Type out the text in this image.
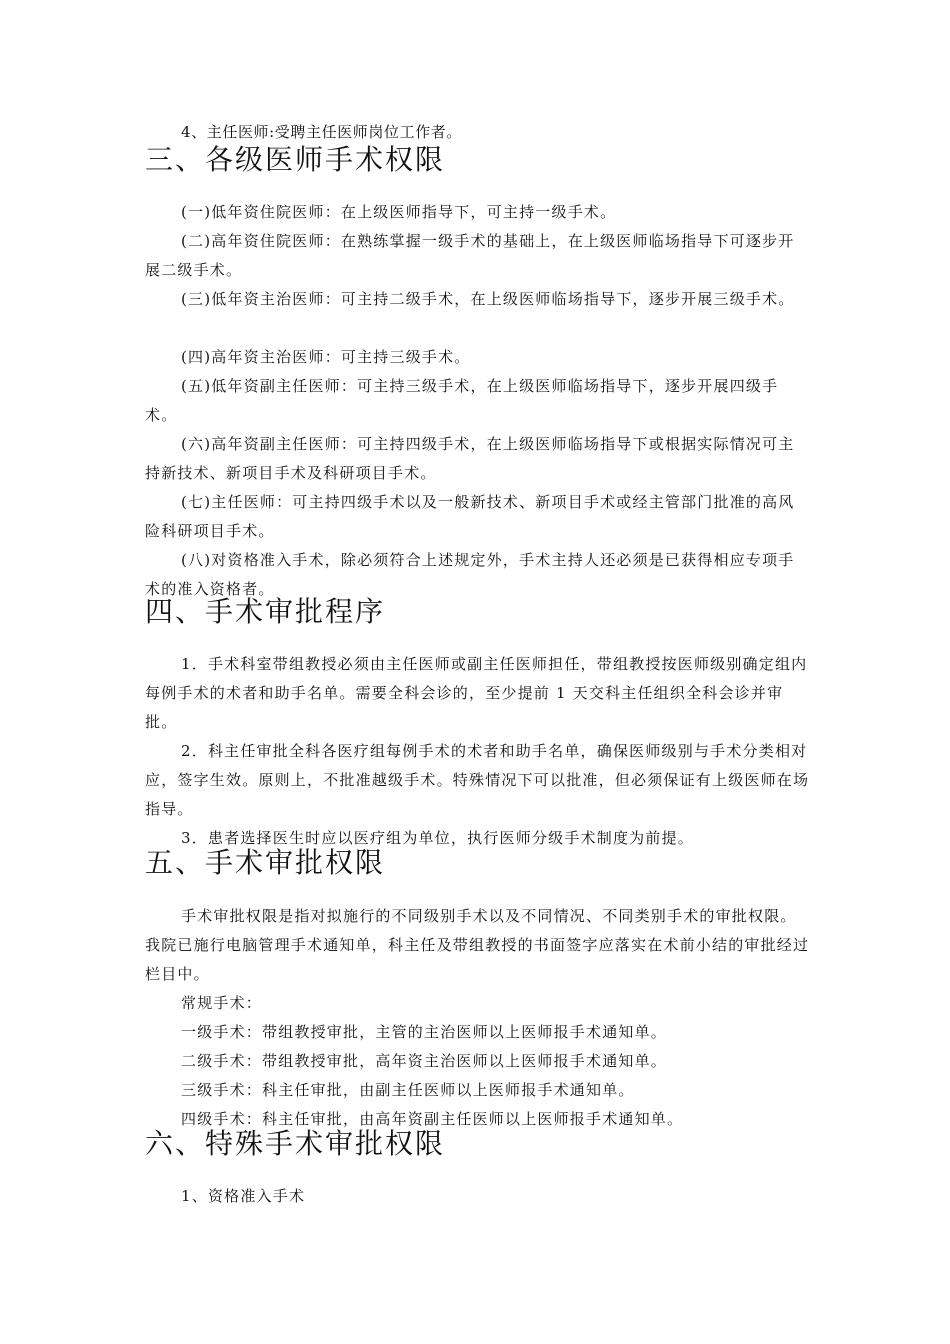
4、主任医师:受聘主任医师岗位工作者。

三、各级医师手术权限

(一)低年资住院医师：在上级医师指导下，可主持一级手术。

(二)高年资住院医师：在熟练掌握一级手术的基础上，在上级医师临场指导下可逐步开展二级手术。

(三)低年资主治医师：可主持二级手术，在上级医师临场指导下，逐步开展三级手术。

(四)高年资主治医师：可主持三级手术。

(五)低年资副主任医师：可主持三级手术，在上级医师临场指导下，逐步开展四级手术。

(六)高年资副主任医师：可主持四级手术，在上级医师临场指导下或根据实际情况可主持新技术、新项目手术及科研项目手术。

(七)主任医师：可主持四级手术以及一般新技术、新项目手术或经主管部门批准的高风险科研项目手术。

(八)对资格准入手术，除必须符合上述规定外，手术主持人还必须是已获得相应专项手术的准入资格者。

四、手术审批程序

1．手术科室带组教授必须由主任医师或副主任医师担任，带组教授按医师级别确定组内每例手术的术者和助手名单。需要全科会诊的，至少提前 1 天交科主任组织全科会诊并审批。

2．科主任审批全科各医疗组每例手术的术者和助手名单，确保医师级别与手术分类相对应，签字生效。原则上，不批准越级手术。特殊情况下可以批准，但必须保证有上级医师在场指导。

3．患者选择医生时应以医疗组为单位，执行医师分级手术制度为前提。

五、手术审批权限

手术审批权限是指对拟施行的不同级别手术以及不同情况、不同类别手术的审批权限。我院已施行电脑管理手术通知单，科主任及带组教授的书面签字应落实在术前小结的审批经过栏目中。

常规手术：

一级手术：带组教授审批，主管的主治医师以上医师报手术通知单。

二级手术：带组教授审批，高年资主治医师以上医师报手术通知单。

三级手术：科主任审批，由副主任医师以上医师报手术通知单。

四级手术：科主任审批，由高年资副主任医师以上医师报手术通知单。

六、特殊手术审批权限

1、资格准入手术
